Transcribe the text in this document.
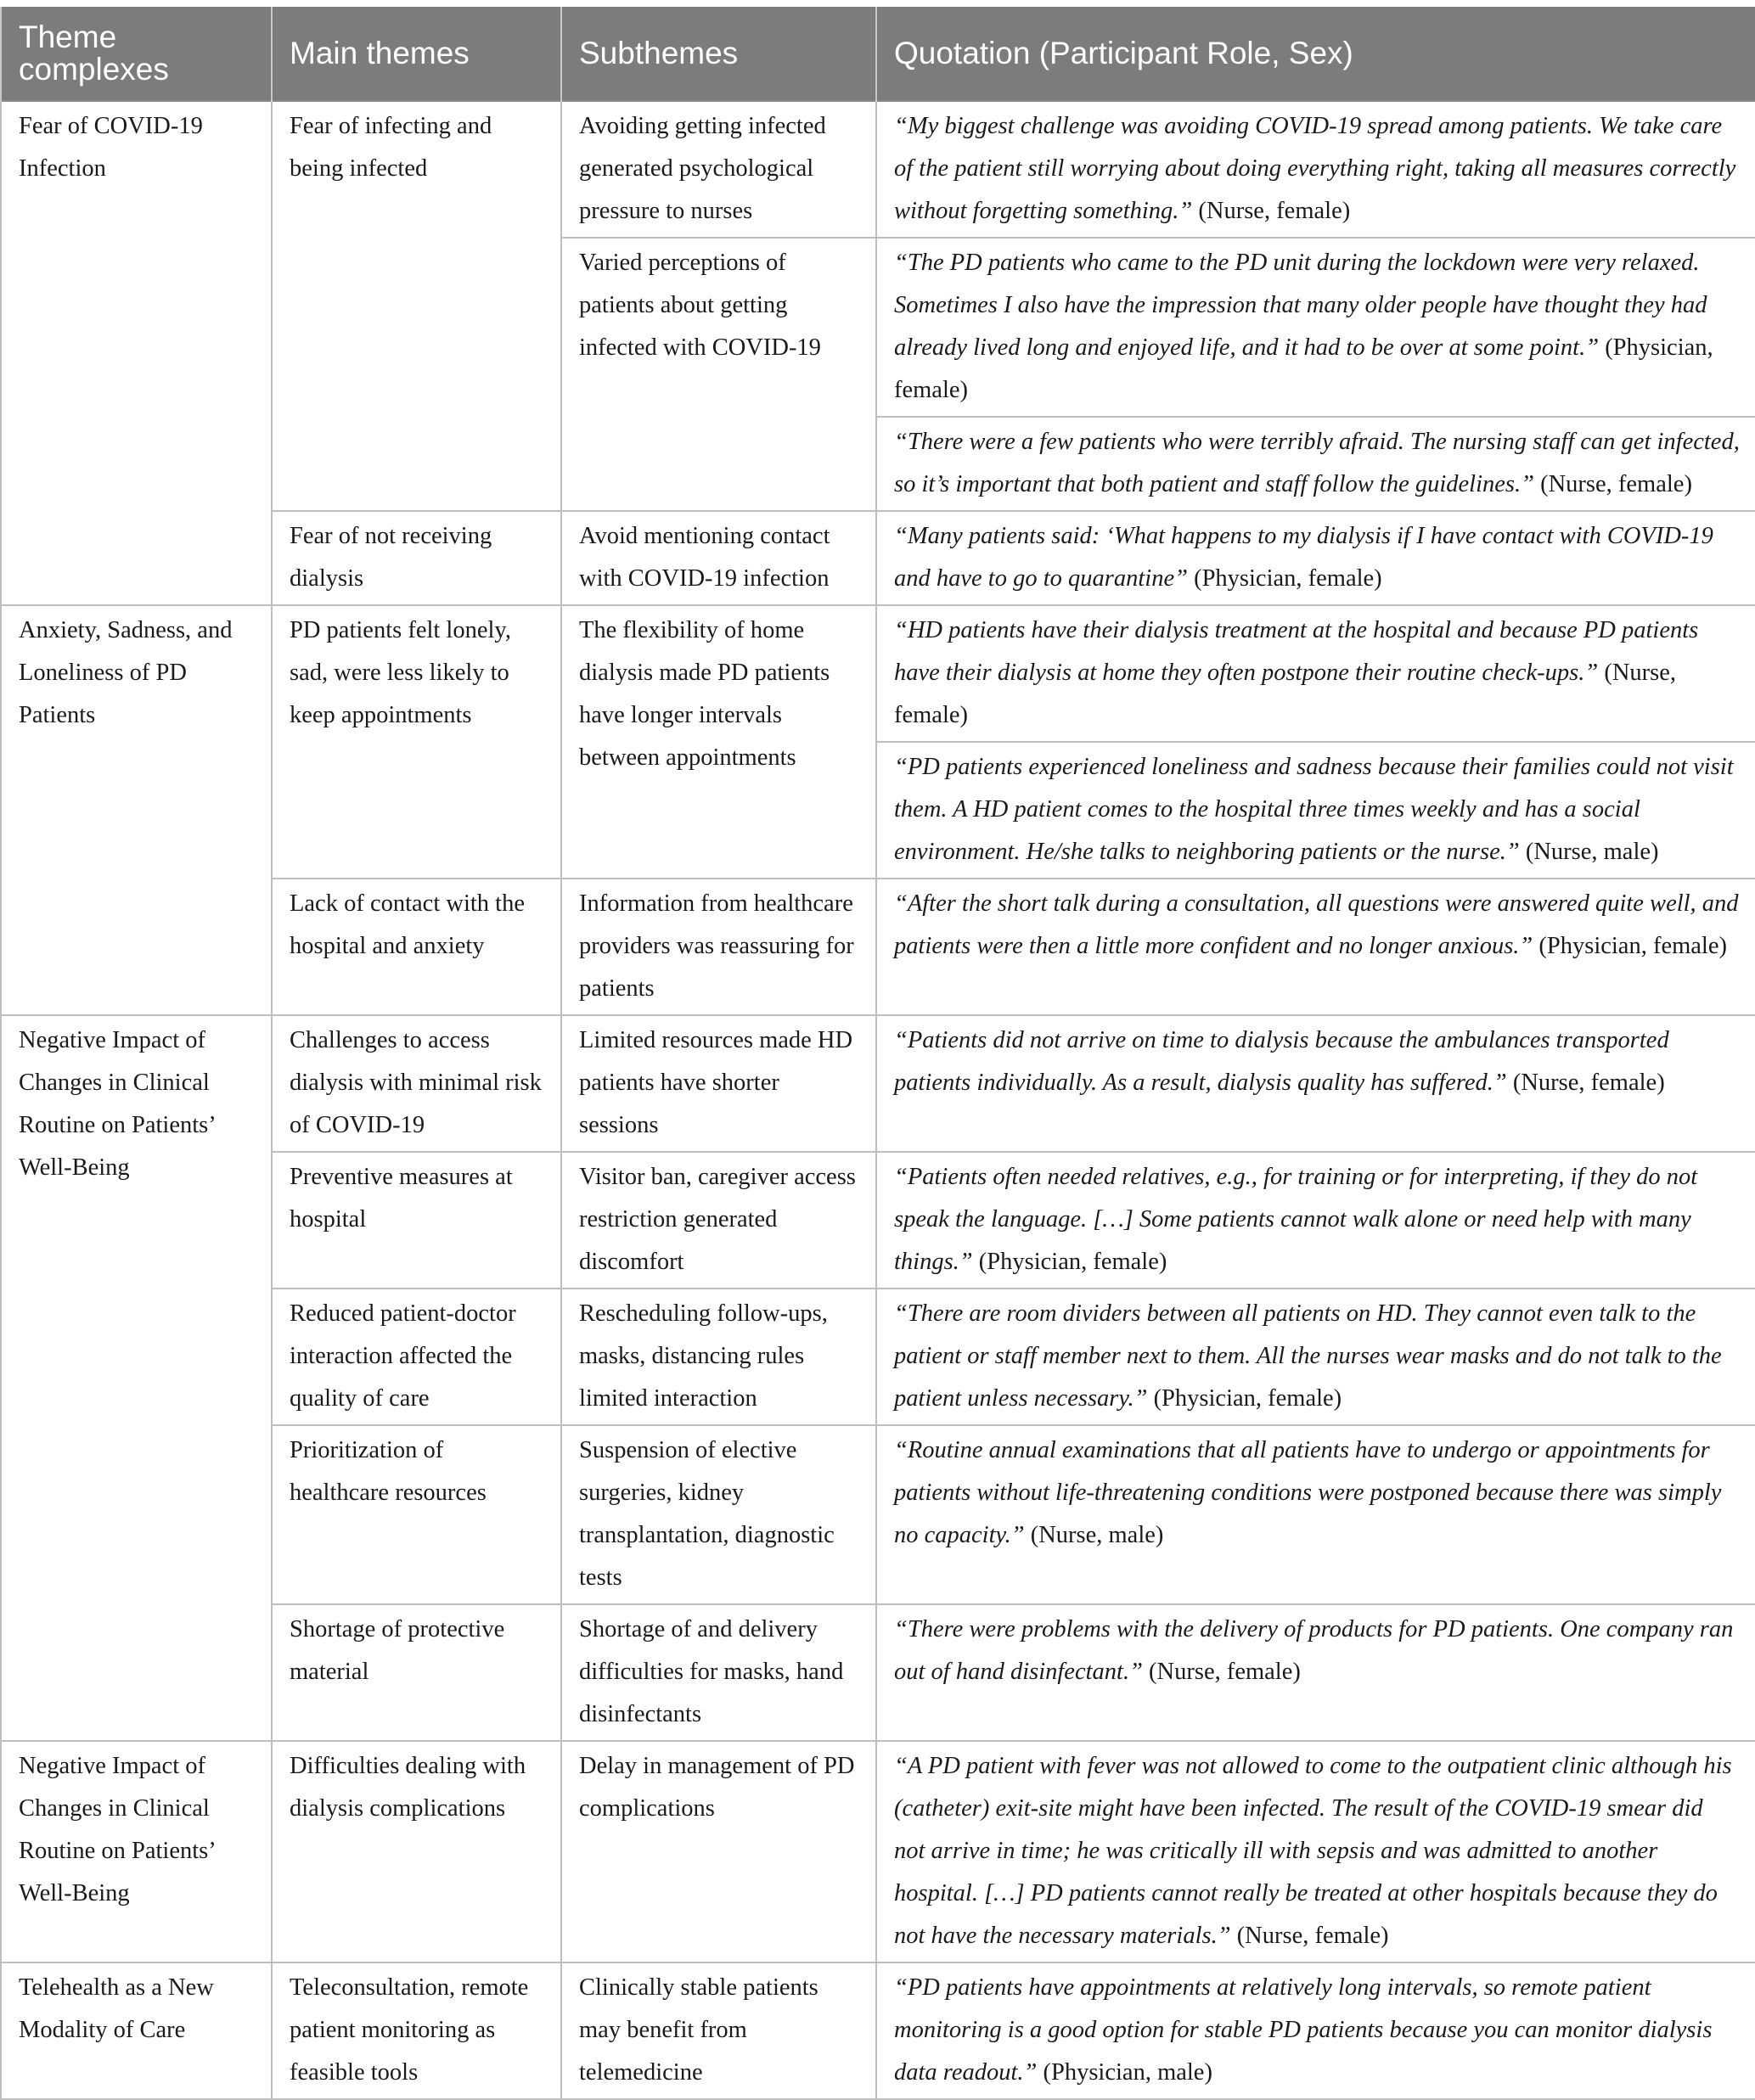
Theme complexes	Main themes	Subthemes	Quotation (Participant Role, Sex)
Fear of COVID-19 Infection	Fear of infecting and being infected	Avoiding getting infected generated psychological pressure to nurses	“My biggest challenge was avoiding COVID-19 spread among patients. We take care of the patient still worrying about doing everything right, taking all measures correctly without forgetting something.” (Nurse, female)
		Varied perceptions of patients about getting infected with COVID-19	“The PD patients who came to the PD unit during the lockdown were very relaxed. Sometimes I also have the impression that many older people have thought they had already lived long and enjoyed life, and it had to be over at some point.” (Physician, female)
			“There were a few patients who were terribly afraid. The nursing staff can get infected, so it’s important that both patient and staff follow the guidelines.” (Nurse, female)
	Fear of not receiving dialysis	Avoid mentioning contact with COVID-19 infection	“Many patients said: ‘What happens to my dialysis if I have contact with COVID-19 and have to go to quarantine” (Physician, female)
Anxiety, Sadness, and Loneliness of PD Patients	PD patients felt lonely, sad, were less likely to keep appointments	The flexibility of home dialysis made PD patients have longer intervals between appointments	“HD patients have their dialysis treatment at the hospital and because PD patients have their dialysis at home they often postpone their routine check-ups.” (Nurse, female)
			“PD patients experienced loneliness and sadness because their families could not visit them. A HD patient comes to the hospital three times weekly and has a social environment. He/she talks to neighboring patients or the nurse.” (Nurse, male)
	Lack of contact with the hospital and anxiety	Information from healthcare providers was reassuring for patients	“After the short talk during a consultation, all questions were answered quite well, and patients were then a little more confident and no longer anxious.” (Physician, female)
Negative Impact of Changes in Clinical Routine on Patients’ Well-Being	Challenges to access dialysis with minimal risk of COVID-19	Limited resources made HD patients have shorter sessions	“Patients did not arrive on time to dialysis because the ambulances transported patients individually. As a result, dialysis quality has suffered.” (Nurse, female)
	Preventive measures at hospital	Visitor ban, caregiver access restriction generated discomfort	“Patients often needed relatives, e.g., for training or for interpreting, if they do not speak the language. […] Some patients cannot walk alone or need help with many things.” (Physician, female)
	Reduced patient-doctor interaction affected the quality of care	Rescheduling follow-ups, masks, distancing rules limited interaction	“There are room dividers between all patients on HD. They cannot even talk to the patient or staff member next to them. All the nurses wear masks and do not talk to the patient unless necessary.” (Physician, female)
	Prioritization of healthcare resources	Suspension of elective surgeries, kidney transplantation, diagnostic tests	“Routine annual examinations that all patients have to undergo or appointments for patients without life-threatening conditions were postponed because there was simply no capacity.” (Nurse, male)
	Shortage of protective material	Shortage of and delivery difficulties for masks, hand disinfectants	“There were problems with the delivery of products for PD patients. One company ran out of hand disinfectant.” (Nurse, female)
Negative Impact of Changes in Clinical Routine on Patients’ Well-Being	Difficulties dealing with dialysis complications	Delay in management of PD complications	“A PD patient with fever was not allowed to come to the outpatient clinic although his (catheter) exit-site might have been infected. The result of the COVID-19 smear did not arrive in time; he was critically ill with sepsis and was admitted to another hospital. […] PD patients cannot really be treated at other hospitals because they do not have the necessary materials.” (Nurse, female)
Telehealth as a New Modality of Care	Teleconsultation, remote patient monitoring as feasible tools	Clinically stable patients may benefit from telemedicine	“PD patients have appointments at relatively long intervals, so remote patient monitoring is a good option for stable PD patients because you can monitor dialysis data readout.” (Physician, male)
